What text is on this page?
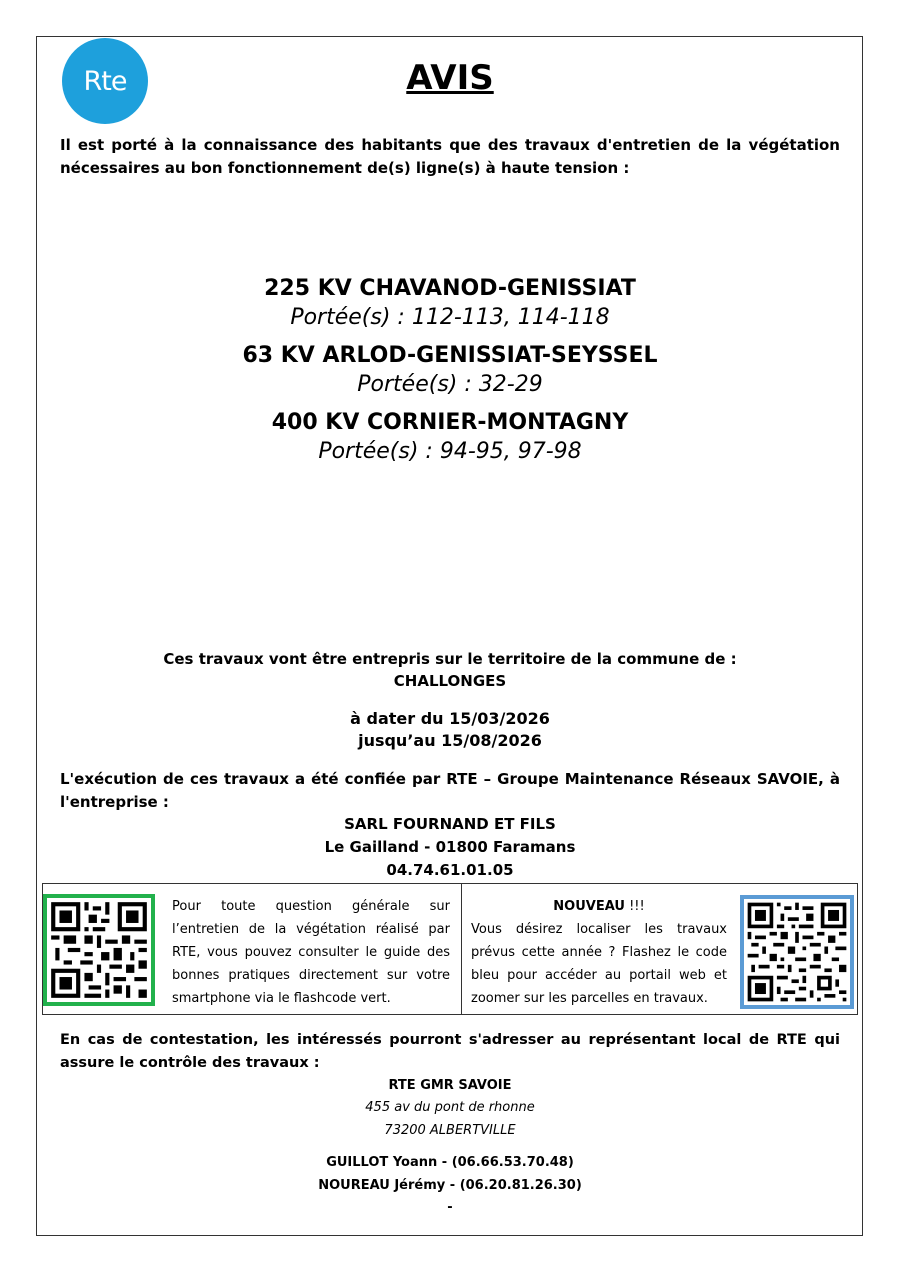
Rte	AVIS
Il est porté à la connaissance des habitants que des travaux d'entretien de la végétation nécessaires au bon fonctionnement de(s) ligne(s) à haute tension :
225 KV CHAVANOD-GENISSIAT
Portée(s) : 112-113, 114-118
63 KV ARLOD-GENISSIAT-SEYSSEL
Portée(s) : 32-29
400 KV CORNIER-MONTAGNY
Portée(s) : 94-95, 97-98
Ces travaux vont être entrepris sur le territoire de la commune de :
CHALLONGES
à dater du 15/03/2026
jusqu’au 15/08/2026
L'exécution de ces travaux a été confiée par RTE – Groupe Maintenance Réseaux SAVOIE, à l'entreprise :
SARL FOURNAND ET FILS
Le Gailland - 01800 Faramans
04.74.61.01.05
Pour toute question générale sur l’entretien de la végétation réalisé par RTE, vous pouvez consulter le guide des bonnes pratiques directement sur votre smartphone via le flashcode vert.
NOUVEAU !!!
Vous désirez localiser les travaux prévus cette année ? Flashez le code bleu pour accéder au portail web et zoomer sur les parcelles en travaux.
En cas de contestation, les intéressés pourront s'adresser au représentant local de RTE qui assure le contrôle des travaux :
RTE GMR SAVOIE
455 av du pont de rhonne
73200 ALBERTVILLE
GUILLOT Yoann - (06.66.53.70.48)
NOUREAU Jérémy - (06.20.81.26.30)
-
